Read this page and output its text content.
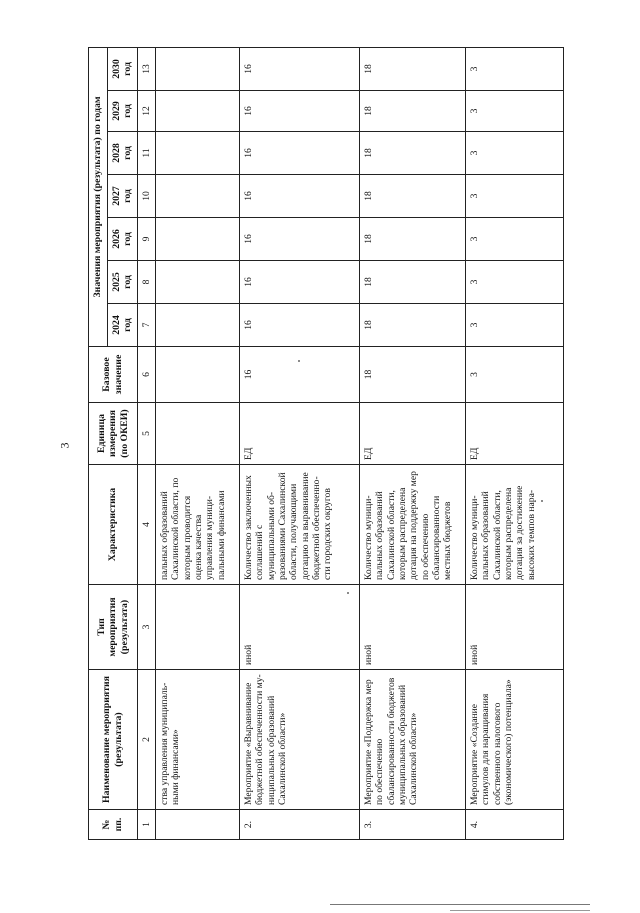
3
№ пп.	Наименование мероприятия (результата)	Тип мероприятия (результата)	Характеристика	Единица измерения (по ОКЕИ)	Базовое значение	Значения мероприятия (результата) по годам						
						2024 год	2025 год	2026 год	2027 год	2028 год	2029 год	2030 год
1	2	3	4	5	6	7	8	9	10	11	12	13
	ства управления муниципальными финансами»		пальных образований Сахалинской области, по которым проводится оценка качества управления муниципальными финансами									
2.	Мероприятие «Выравнивание бюджетной обеспеченности муниципальных образований Сахалинской области»	иной	Количество заключенных соглашений с муниципальными образованиями Сахалинской области, получающими дотацию на выравнивание бюджетной обеспеченности городских округов	ЕД	16	16	16	16	16	16	16	16
3.	Мероприятие «Поддержка мер по обеспечению сбалансированности бюджетов муниципальных образований Сахалинской области»	иной	Количество муниципальных образований Сахалинской области, которым распределена дотация на поддержку мер по обеспечению сбалансированности местных бюджетов	ЕД	18	18	18	18	18	18	18	18
4.	Мероприятие «Создание стимулов для наращивания собственного налогового (экономического) потенциала»	иной	Количество муниципальных образований Сахалинской области, которым распределена дотация за достижение высоких темпов нара-	ЕД	3	3	3	3	3	3	3	3
